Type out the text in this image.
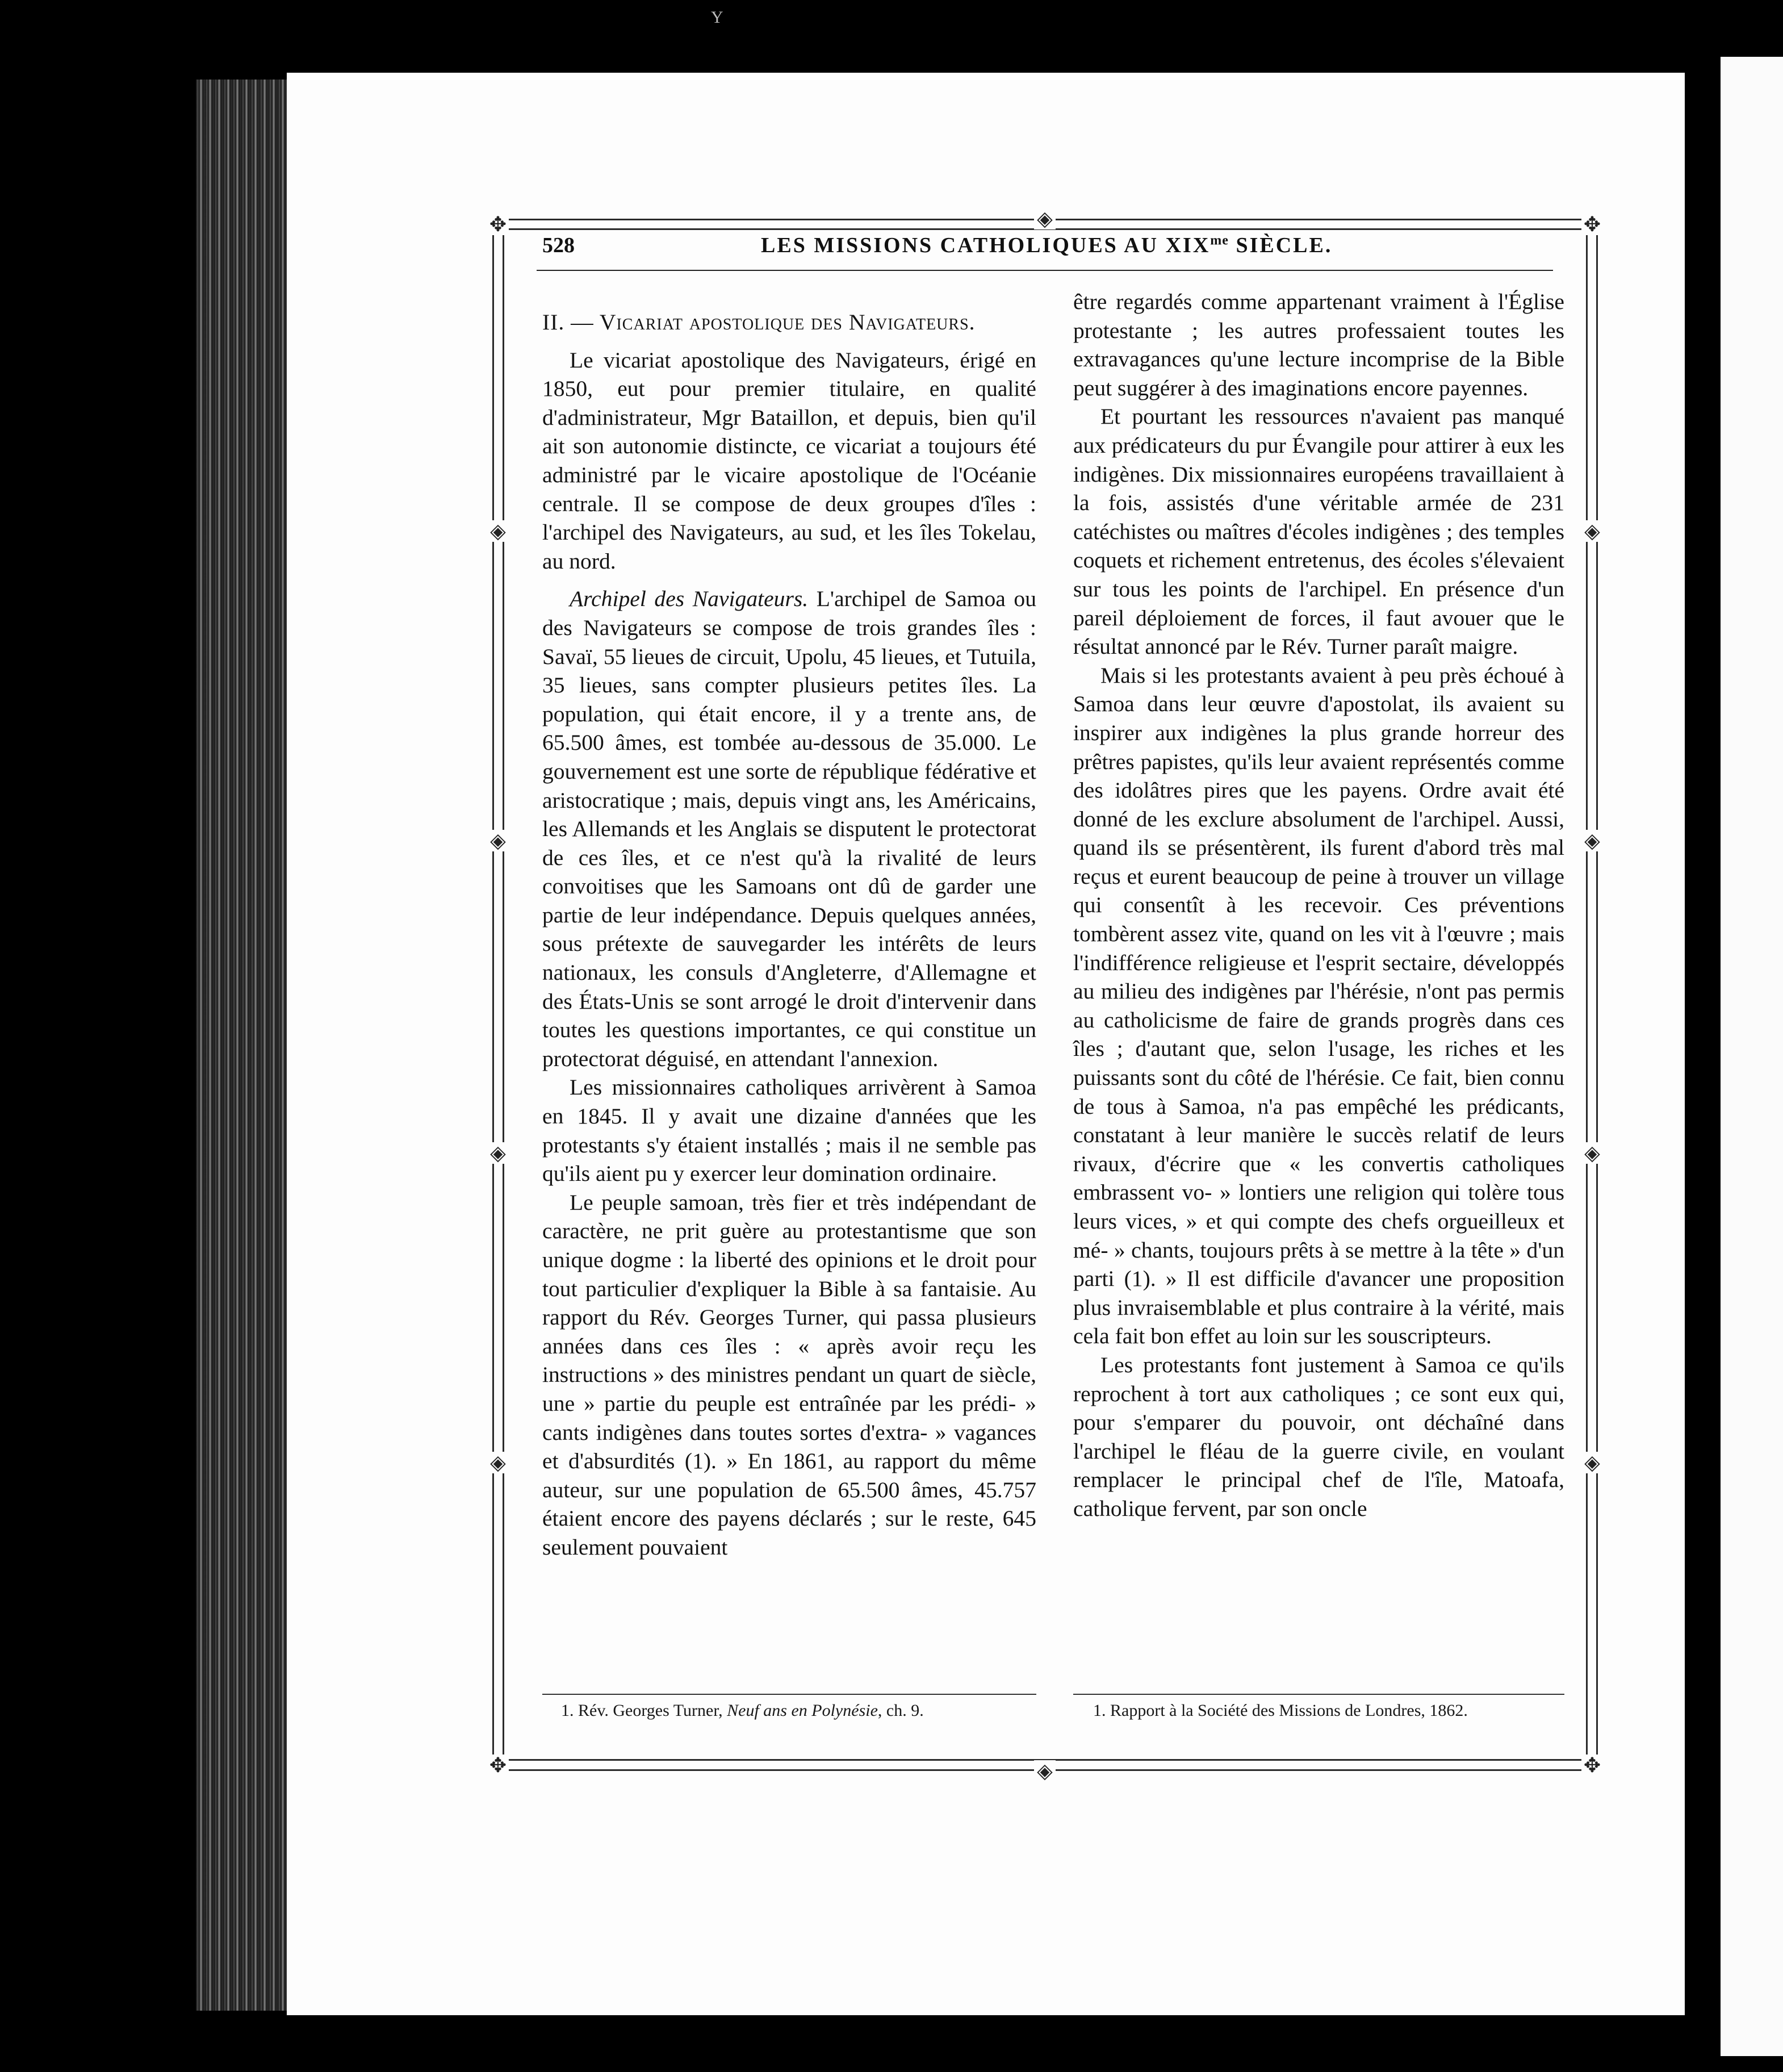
Y
✥	✥
✥	✥
◈
◈
◈
◈
◈
◈
◈
◈
◈
◈
528	LES MISSIONS CATHOLIQUES AU $XIX^{me}$ SIÈCLE.

II. — Vicariat apostolique des Navigateurs.

Le vicariat apostolique des Navigateurs, érigé en 1850, eut pour premier titulaire, en qualité d'administrateur, Mgr Bataillon, et depuis, bien qu'il ait son autonomie distincte, ce vicariat a toujours été administré par le vicaire apostolique de l'Océanie centrale. Il se compose de deux groupes d'îles : l'archipel des Navigateurs, au sud, et les îles Tokelau, au nord.

Archipel des Navigateurs. L'archipel de Samoa ou des Navigateurs se compose de trois grandes îles : Savaï, 55 lieues de circuit, Upolu, 45 lieues, et Tutuila, 35 lieues, sans compter plusieurs petites îles. La population, qui était encore, il y a trente ans, de 65.500 âmes, est tombée au-dessous de 35.000. Le gouvernement est une sorte de république fédérative et aristocratique ; mais, depuis vingt ans, les Américains, les Allemands et les Anglais se disputent le protectorat de ces îles, et ce n'est qu'à la rivalité de leurs convoitises que les Samoans ont dû de garder une partie de leur indépendance. Depuis quelques années, sous prétexte de sauvegarder les intérêts de leurs nationaux, les consuls d'Angleterre, d'Allemagne et des États-Unis se sont arrogé le droit d'intervenir dans toutes les questions importantes, ce qui constitue un protectorat déguisé, en attendant l'annexion.

Les missionnaires catholiques arrivèrent à Samoa en 1845. Il y avait une dizaine d'années que les protestants s'y étaient installés ; mais il ne semble pas qu'ils aient pu y exercer leur domination ordinaire.

Le peuple samoan, très fier et très indépendant de caractère, ne prit guère au protestantisme que son unique dogme : la liberté des opinions et le droit pour tout particulier d'expliquer la Bible à sa fantaisie. Au rapport du Rév. Georges Turner, qui passa plusieurs années dans ces îles : « après avoir reçu les instructions » des ministres pendant un quart de siècle, une » partie du peuple est entraînée par les prédi- » cants indigènes dans toutes sortes d'extra- » vagances et d'absurdités (1). » En 1861, au rapport du même auteur, sur une population de 65.500 âmes, 45.757 étaient encore des payens déclarés ; sur le reste, 645 seulement pouvaient

1. Rév. Georges Turner, Neuf ans en Polynésie, ch. 9.

être regardés comme appartenant vraiment à l'Église protestante ; les autres professaient toutes les extravagances qu'une lecture incomprise de la Bible peut suggérer à des imaginations encore payennes.

Et pourtant les ressources n'avaient pas manqué aux prédicateurs du pur Évangile pour attirer à eux les indigènes. Dix missionnaires européens travaillaient à la fois, assistés d'une véritable armée de 231 catéchistes ou maîtres d'écoles indigènes ; des temples coquets et richement entretenus, des écoles s'élevaient sur tous les points de l'archipel. En présence d'un pareil déploiement de forces, il faut avouer que le résultat annoncé par le Rév. Turner paraît maigre.

Mais si les protestants avaient à peu près échoué à Samoa dans leur œuvre d'apostolat, ils avaient su inspirer aux indigènes la plus grande horreur des prêtres papistes, qu'ils leur avaient représentés comme des idolâtres pires que les payens. Ordre avait été donné de les exclure absolument de l'archipel. Aussi, quand ils se présentèrent, ils furent d'abord très mal reçus et eurent beaucoup de peine à trouver un village qui consentît à les recevoir. Ces préventions tombèrent assez vite, quand on les vit à l'œuvre ; mais l'indifférence religieuse et l'esprit sectaire, développés au milieu des indigènes par l'hérésie, n'ont pas permis au catholicisme de faire de grands progrès dans ces îles ; d'autant que, selon l'usage, les riches et les puissants sont du côté de l'hérésie. Ce fait, bien connu de tous à Samoa, n'a pas empêché les prédicants, constatant à leur manière le succès relatif de leurs rivaux, d'écrire que « les convertis catholiques embrassent vo- » lontiers une religion qui tolère tous leurs vices, » et qui compte des chefs orgueilleux et mé- » chants, toujours prêts à se mettre à la tête » d'un parti (1). » Il est difficile d'avancer une proposition plus invraisemblable et plus contraire à la vérité, mais cela fait bon effet au loin sur les souscripteurs.

Les protestants font justement à Samoa ce qu'ils reprochent à tort aux catholiques ; ce sont eux qui, pour s'emparer du pouvoir, ont déchaîné dans l'archipel le fléau de la guerre civile, en voulant remplacer le principal chef de l'île, Matoafa, catholique fervent, par son oncle

1. Rapport à la Société des Missions de Londres, 1862.
